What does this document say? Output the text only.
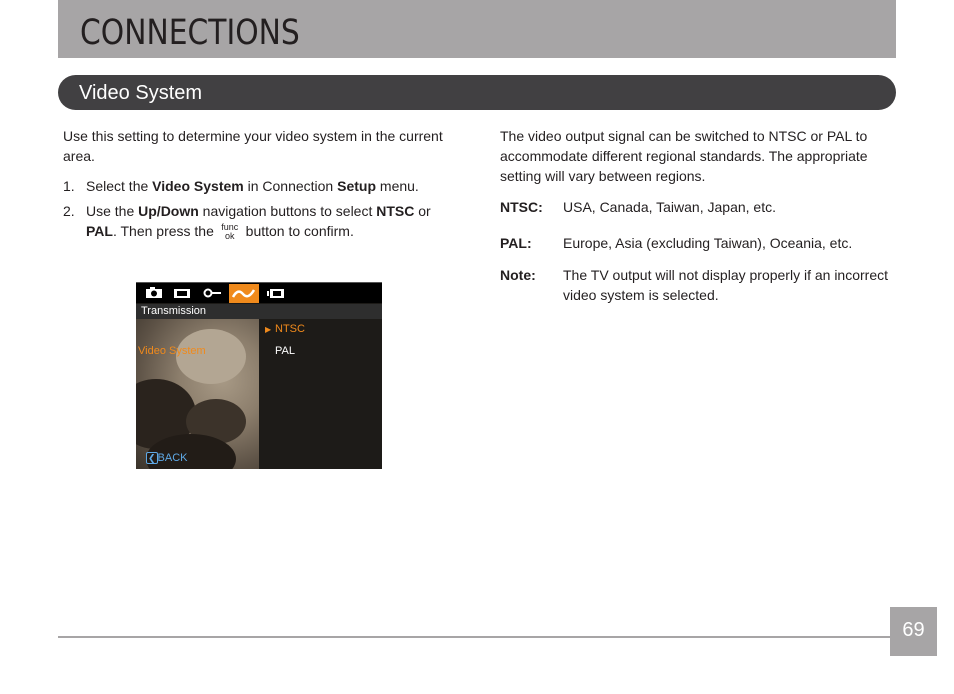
CONNECTIONS
Video System
Use this setting to determine your video system in the current area.
1. Select the Video System in Connection Setup menu.
2. Use the Up/Down navigation buttons to select NTSC or PAL. Then press the func
ok button to confirm.
Transmission
Video System
▶ NTSC
PAL
❮ BACK
The video output signal can be switched to NTSC or PAL to accommodate different regional standards. The appropriate setting will vary between regions.
NTSC: USA, Canada, Taiwan, Japan, etc.
PAL: Europe, Asia (excluding Taiwan), Oceania, etc.
Note: The TV output will not display properly if an incorrect video system is selected.
69
